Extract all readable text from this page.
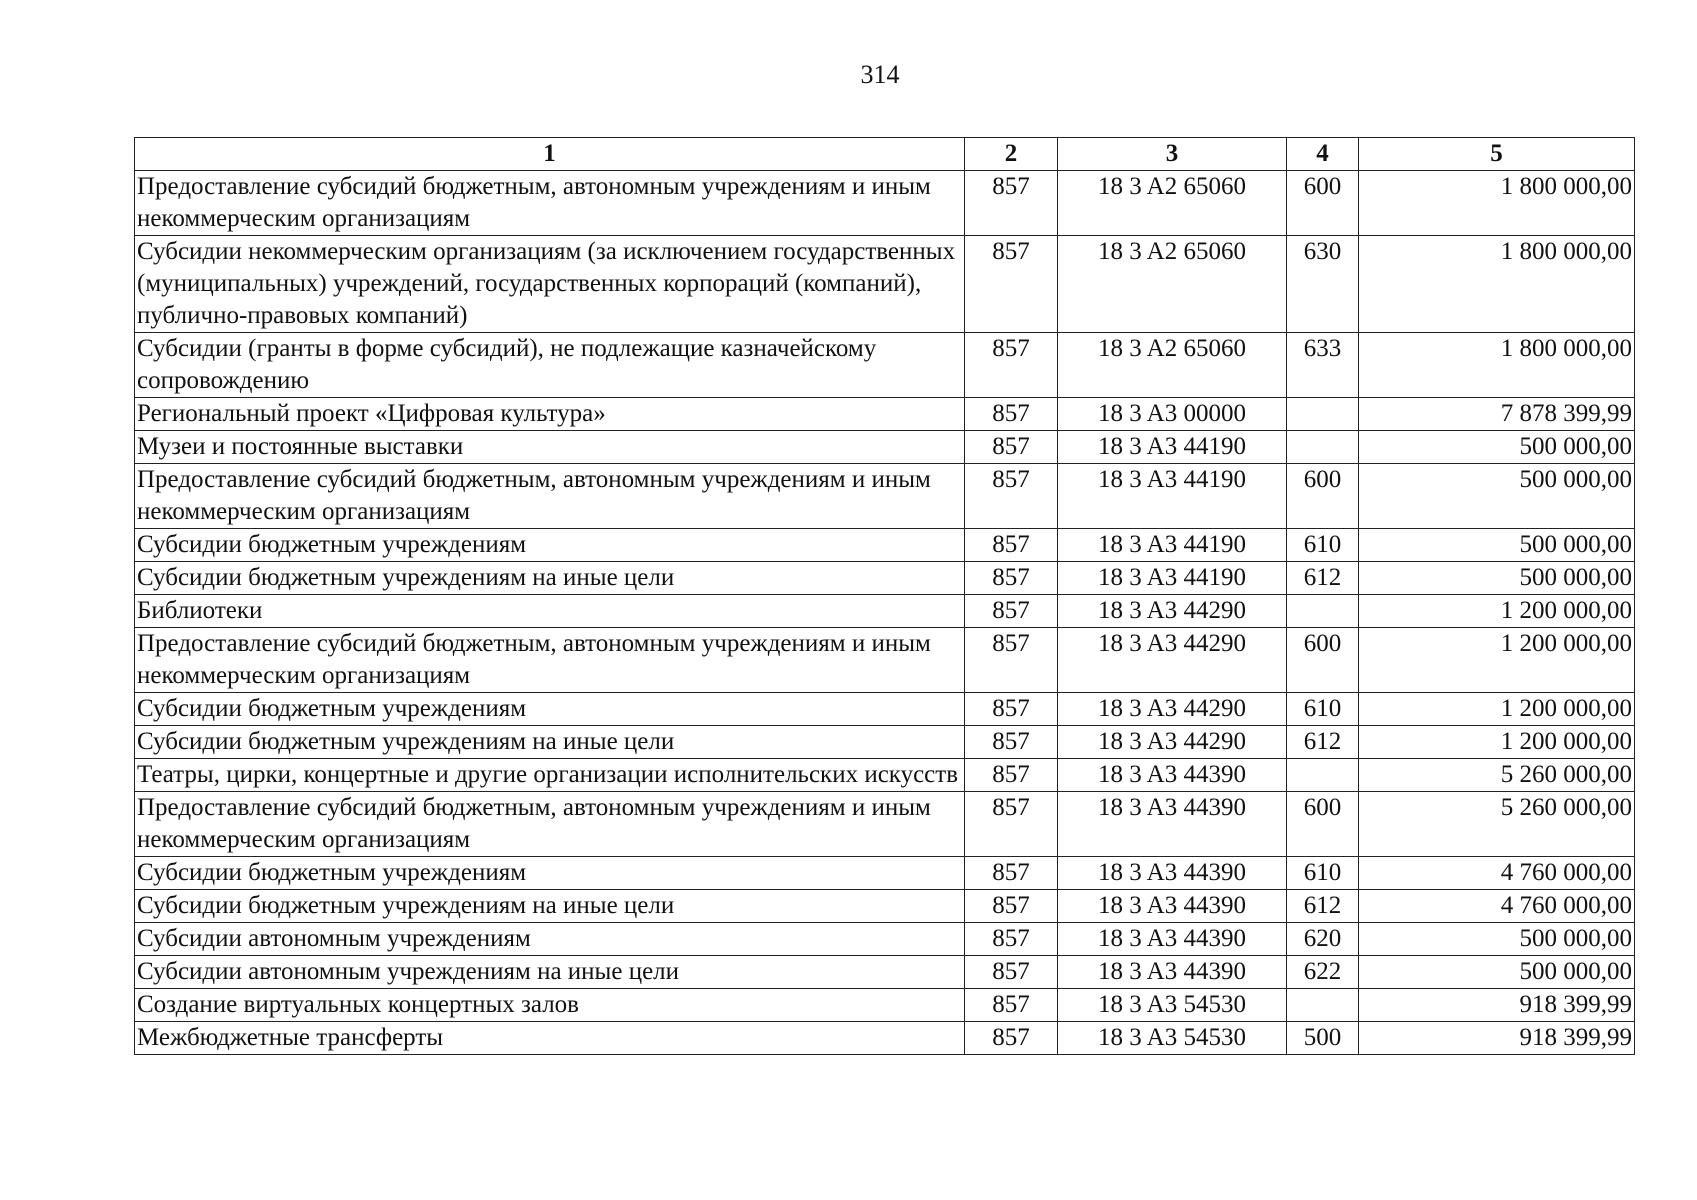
314
1	2	3	4	5
Предоставление субсидий бюджетным, автономным учреждениям и иным некоммерческим организациям	857	18 3 A2 65060	600	1 800 000,00
Субсидии некоммерческим организациям (за исключением государственных (муниципальных) учреждений, государственных корпораций (компаний), публично-правовых компаний)	857	18 3 A2 65060	630	1 800 000,00
Субсидии (гранты в форме субсидий), не подлежащие казначейскому сопровождению	857	18 3 A2 65060	633	1 800 000,00
Региональный проект «Цифровая культура»	857	18 3 A3 00000		7 878 399,99
Музеи и постоянные выставки	857	18 3 A3 44190		500 000,00
Предоставление субсидий бюджетным, автономным учреждениям и иным некоммерческим организациям	857	18 3 A3 44190	600	500 000,00
Субсидии бюджетным учреждениям	857	18 3 A3 44190	610	500 000,00
Субсидии бюджетным учреждениям на иные цели	857	18 3 A3 44190	612	500 000,00
Библиотеки	857	18 3 A3 44290		1 200 000,00
Предоставление субсидий бюджетным, автономным учреждениям и иным некоммерческим организациям	857	18 3 A3 44290	600	1 200 000,00
Субсидии бюджетным учреждениям	857	18 3 A3 44290	610	1 200 000,00
Субсидии бюджетным учреждениям на иные цели	857	18 3 A3 44290	612	1 200 000,00
Театры, цирки, концертные и другие организации исполнительских искусств	857	18 3 A3 44390		5 260 000,00
Предоставление субсидий бюджетным, автономным учреждениям и иным некоммерческим организациям	857	18 3 A3 44390	600	5 260 000,00
Субсидии бюджетным учреждениям	857	18 3 A3 44390	610	4 760 000,00
Субсидии бюджетным учреждениям на иные цели	857	18 3 A3 44390	612	4 760 000,00
Субсидии автономным учреждениям	857	18 3 A3 44390	620	500 000,00
Субсидии автономным учреждениям на иные цели	857	18 3 A3 44390	622	500 000,00
Создание виртуальных концертных залов	857	18 3 A3 54530		918 399,99
Межбюджетные трансферты	857	18 3 A3 54530	500	918 399,99
